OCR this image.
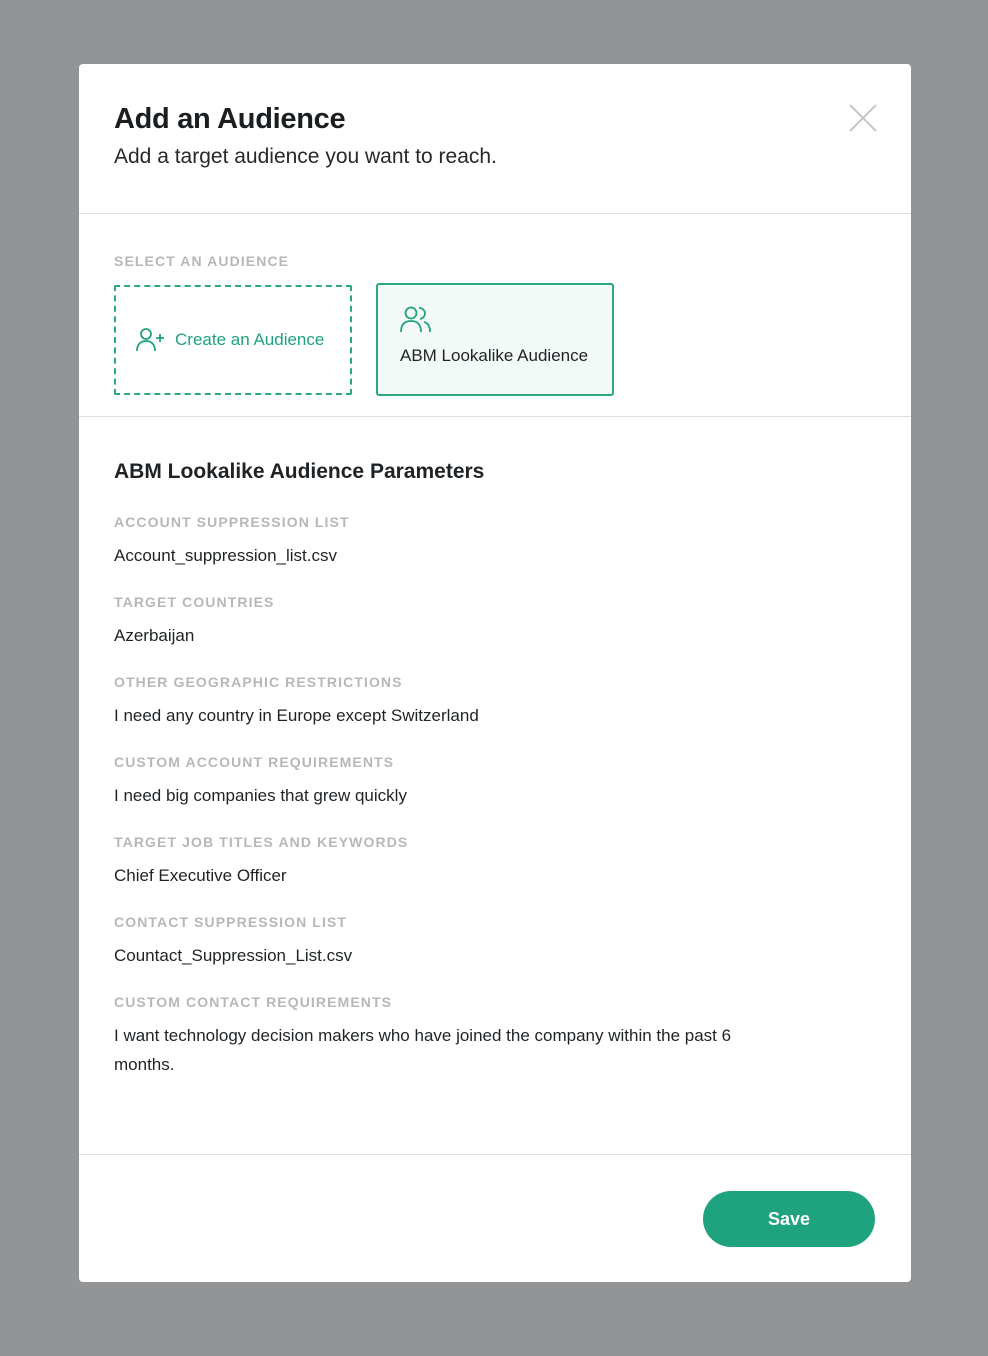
Add an Audience

Add a target audience you want to reach.

SELECT AN AUDIENCE
Create an Audience
ABM Lookalike Audience
ABM Lookalike Audience Parameters
ACCOUNT SUPPRESSION LIST
Account_suppression_list.csv
TARGET COUNTRIES
Azerbaijan
OTHER GEOGRAPHIC RESTRICTIONS
I need any country in Europe except Switzerland
CUSTOM ACCOUNT REQUIREMENTS
I need big companies that grew quickly
TARGET JOB TITLES AND KEYWORDS
Chief Executive Officer
CONTACT SUPPRESSION LIST
Countact_Suppression_List.csv
CUSTOM CONTACT REQUIREMENTS
I want technology decision makers who have joined the company within the past 6 months.
Save
